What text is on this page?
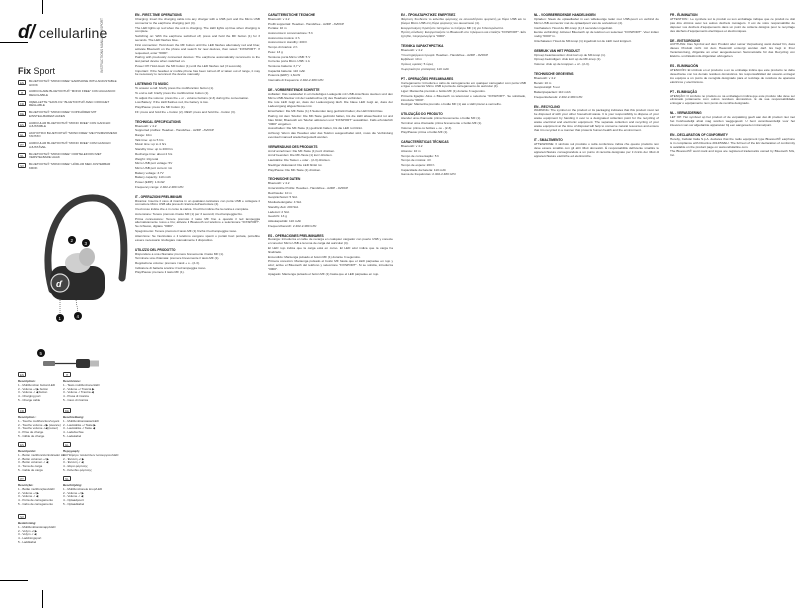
ɗ/ cellularline
INSTRUCTIONS MANUAL FIXSPORT
Fix Sport
EN	BLUETOOTH® "MONO FREE" EARPHONE WITH ADJUSTABLE HOOK
IT	AURICOLARE BLUETOOTH® "MONO FREE" CON AGGANCIO REGOLABILE
FR	OREILLETTE "SANS FIL" BLUETOOTH® AVEC CROCHET RÉGLABLE
DE	BLUETOOTH® "MONO FREE" KOPFHÖRER MIT EINSTELLBAREM HAKEN
ES	AURICULAR BLUETOOTH® "MONO FREE" CON GANCHO AJUSTABLE
EL	ΑΚΟΥΣΤΙΚΟ BLUETOOTH® "MONO FREE" ΜΕ ΡΥΘΜΙΖΟΜΕΝΟ ΓΑΝΤΖΟ
PT	AURICULAR BLUETOOTH® "MONO FREE" COM GANCHO AJUSTÁVEL
NL	BLUETOOTH® "MONO FREE" OORTELEFOON MET VERSTELBARE HAAK
SV	BLUETOOTH® "MONO FREE" HÖRLUR MED JUSTERBAR KROK
ɗ
2
3
1	4
5
EN
Description:
1 - Multifunction button/LED
2 - Volume +/ ▶ button
3 - Volume -/ ◀ button
4 - Charging port
5 - Charge cable
IT
Descrizione:
1 - Tasto multifunzione/LED
2 - Volume +/ Traccia ▶
3 - Volume -/ Traccia ◀
4 - Presa di ricarica
5 - Cavo di ricarica
FR
Description :
1 - Touche multifonction/voyant
2 - Touche volume +/▶ (avance)
3 - Touche volume -/◀ (retour)
4 - Prise de charge
5 - Câble de charge
DE
Beschreibung:
1 - Multifunktionstaste/LED
2 - Lautstärke +/ Taste ▶
3 - Lautstärke -/ Taste ◀
4 - Ladebuchse
5 - Ladekabel
ES
Descripción:
1 - Botón multifunción/indicador LED
2 - Botón volumen +/ ▶
3 - Botón volumen -/ ◀
4 - Toma de carga
5 - Cable de carga
EL
Περιγραφή:
1 - Πλήκτρο πολλαπλών λειτουργιών/LED
2 - Ένταση +/ ▶
3 - Ένταση -/ ◀
4 - Θύρα φόρτισης
5 - Καλώδιο φόρτισης
PT
Descrição:
1 - Botão multifunções/LED
2 - Volume +/ ▶
3 - Volume -/ ◀
4 - Porta de carregamento
5 - Cabo de carregamento
NL
Beschrijving:
1 - Multifunctionele knop/LED
2 - Volume +/ ▶
3 - Volume -/ ◀
4 - Oplaadpoort
5 - Oplaadkabel
SV
Beskrivning:
1 - Multifunktionsknapp/LED
2 - Volym +/ ▶
3 - Volym -/ ◀
4 - Laddningsport
5 - Laddkabel
EN - FIRST-TIME OPERATIONS

Charging: Insert the charging cable into any charger with a USB port and the Micro USB connector to the earphone charging port (4).

The LED lights up red when the unit is charging. The LED lights up blue when charging is complete.

Switching on: With the earphone switched off, press and hold the MF button (1) for 3 seconds. The LED flashes blue.

First connection: Hold down the MF button until the LED flashes alternately red and blue; activate Bluetooth on the phone and search for new devices, then select "FIXSPORT". If requested, enter "0000".

Pairing with previously connected devices: The earphone automatically reconnects to the last paired device when switched on.

Power Off: Hold down the MF button (1) until the LED flashes red (3 seconds).

Important: If the headset or mobile phone has been turned off or taken out of range, it may be necessary to reconnect the device manually.

LISTENING TO MUSIC

To answer a call: briefly press the multifunction button (1).

To end a call: briefly press the multifunction button (1).

To adjust the volume: press the + or - volume buttons (2-3) during the conversation.

Low Battery: If the LED flashes red, the battery is low.

Play/Pause: press the MF button (1).

FF: press and hold the + button (2). REW: press and hold the - button (3).

TECHNICAL SPECIFICATIONS

Bluetooth: v 4.2

Supported profiles: Headset - Handsfree - A2DP - AVRCP

Range: 10m

Talk time: up to 5 hrs

Music time: up to 4 hrs

Standby time: up to 200 hrs

Recharge time: about 2 hrs

Weight: 13g total

Micro USB port voltage: 5V

Micro USB port current: 1A

Battery voltage: 3.7V

Battery capacity: 110 mAh

Power (ERP): 1.6mW

Frequency range: 2.402-2.480 GHz

IT - OPERAZIONI PRELIMINARI

Ricarica: Inserire il cavo di ricarica in un qualsiasi caricatore con porta USB e collegare il connettore Micro USB alla presa di ricarica dell'auricolare (4).

Il led rosso indica che è in corso la carica. Il led blu indica che la carica è completa.

Accensione: Tenere premuto il tasto MF (1) per 3 secondi; il led lampeggia blu.

Prima connessione: Tenere premuto il tasto MF fino a quando il led lampeggia alternativamente rosso e blu; attivare il Bluetooth sul telefono e selezionare "FIXSPORT". Se richiesto, digitare "0000".

Spegnimento: Tenere premuto il tasto MF (1) finché il led lampeggia rosso.

Attenzione: Se l'auricolare o il telefono vengono spenti o portati fuori portata, potrebbe essere necessario ricollegare manualmente il dispositivo.

UTILIZZO DEL PRODOTTO

Rispondere a una chiamata: premere brevemente il tasto MF (1).

Terminare una chiamata: premere brevemente il tasto MF (1).

Regolazione volume: premere i tasti + o - (2-3).

Indicatore di batteria scarica: il led lampeggia rosso.

Play/Pausa: premere il tasto MF (1).

CARATTERISTICHE TECNICHE

Bluetooth: v 4.2

Profili supportati: Headset - Handsfree - A2DP - AVRCP

Portata: 10 m

Autonomia in conversazione: 5 h

Autonomia musica: 4 h

Autonomia in standby: 200 h

Tempo di ricarica: 2 h

Peso: 13 g

Tensione porta Micro USB: 5 V

Corrente porta Micro USB: 1 A

Tensione batteria: 3,7 V

Capacità batteria: 110 mAh

Potenza (ERP): 1,6mW

Intervallo di frequenza: 2.402-2.480 GHz

DE - VORBEREITENDE SCHRITTE

Aufladen: Das Ladekabel in ein beliebiges Ladegerät mit USB-Anschluss stecken und den Micro-USB-Stecker mit der Ladebuchse (4) des Headsets verbinden.

Die rote LED zeigt an, dass der Ladevorgang läuft. Die blaue LED zeigt an, dass der Ladevorgang abgeschlossen ist.

Einschalten: Die MF-Taste (1) 3 Sekunden lang gedrückt halten; die LED blinkt blau.

Pairing mit dem Telefon: Die MF-Taste gedrückt halten, bis die LED abwechselnd rot und blau blinkt; Bluetooth am Telefon aktivieren und "FIXSPORT" auswählen. Falls erforderlich "0000" eingeben.

Ausschalten: Die MF-Taste (1) gedrückt halten, bis die LED rot blinkt.

Achtung: Wenn das Headset oder das Telefon ausgeschaltet wird, muss die Verbindung eventuell manuell wiederhergestellt werden.

VERWENDUNG DES PRODUKTS

Anruf annehmen: Die MF-Taste (1) kurz drücken.

Anruf beenden: Die MF-Taste (1) kurz drücken.

Lautstärke: Die Tasten + oder - (2-3) drücken.

Niedriger Akkustand: Die LED blinkt rot.

Play/Pause: Die MF-Taste (1) drücken.

TECHNISCHE DATEN

Bluetooth: v 4.2

Unterstützte Profile: Headset - Handsfree - A2DP - AVRCP

Reichweite: 10 m

Gesprächszeit: 5 Std.

Musikwiedergabe: 4 Std.

Standby-Zeit: 200 Std.

Ladezeit: 2 Std.

Gewicht: 13 g

Akkukapazität: 110 mAh

Frequenzbereich: 2.402-2.480 GHz

ES - OPERACIONES PRELIMINARES

Recarga: Introduzca el cable de recarga en cualquier cargador con puerto USB y conecte el conector Micro USB a la toma de carga del auricular (4).

El LED rojo indica que la carga está en curso. El LED azul indica que la carga ha finalizado.

Encendido: Mantenga pulsado el botón MF (1) durante 3 segundos.

Primera conexión: Mantenga pulsado el botón MF hasta que el LED parpadee en rojo y azul; active el Bluetooth del teléfono y seleccione "FIXSPORT". Si se solicita, introduzca "0000".

Apagado: Mantenga pulsado el botón MF (1) hasta que el LED parpadee en rojo.

ΕΛ - ΠΡΟΚΑΤΑΡΚΤΙΚΕΣ ΕΝΕΡΓΕΙΕΣ

Φόρτιση: Συνδέστε το καλώδιο φόρτισης σε οποιονδήποτε φορτιστή με θύρα USB και το βύσμα Micro USB στη θύρα φόρτισης του ακουστικού (4).

Ενεργοποίηση: Κρατήστε πατημένο το πλήκτρο MF (1) για 3 δευτερόλεπτα.

Πρώτη σύνδεση: Ενεργοποιήστε το Bluetooth στο τηλέφωνο και επιλέξτε "FIXSPORT". Εάν ζητηθεί, πληκτρολογήστε "0000".

ΤΕΧΝΙΚΑ ΧΑΡΑΚΤΗΡΙΣΤΙΚΑ

Bluetooth: v 4.2

Υποστηριζόμενα προφίλ: Headset - Handsfree - A2DP - AVRCP

Εμβέλεια: 10 m

Χρόνος ομιλίας: 5 ώρες

Χωρητικότητα μπαταρίας: 110 mAh

PT - OPERAÇÕES PRELIMINARES

Carregamento: Introduza o cabo de carregamento em qualquer carregador com porta USB e ligue o conector Micro USB à porta de carregamento do auricular (4).

Ligar: Mantenha premido o botão MF (1) durante 3 segundos.

Primeira ligação: Ative o Bluetooth no telemóvel e selecione "FIXSPORT". Se solicitado, introduza "0000".

Desligar: Mantenha premido o botão MF (1) até o LED piscar a vermelho.

UTILIZAÇÃO DO PRODUTO

Atender uma chamada: prima brevemente o botão MF (1).

Terminar uma chamada: prima brevemente o botão MF (1).

Volume: prima os botões + ou - (2-3).

Play/Pausa: prima o botão MF (1).

CARACTERÍSTICAS TÉCNICAS

Bluetooth: v 4.2

Alcance: 10 m

Tempo de conversação: 5 h

Tempo de música: 4 h

Tempo de espera: 200 h

Capacidade da bateria: 110 mAh

Gama de frequências: 2.402-2.480 GHz

NL - VOORBEREIDENDE HANDELINGEN

Opladen: Steek de oplaadkabel in een willekeurige lader met USB-poort en verbind de Micro USB-connector met de oplaadpoort van de oortelefoon (4).

Inschakelen: Houd de MF-knop (1) 3 seconden ingedrukt.

Eerste verbinding: Activeer Bluetooth op de telefoon en selecteer "FIXSPORT". Voer indien nodig "0000" in.

Uitschakelen: Houd de MF-knop (1) ingedrukt tot de LED rood knippert.

GEBRUIK VAN HET PRODUCT

Oproep beantwoorden: druk kort op de MF-knop (1).

Oproep beëindigen: druk kort op de MF-knop (1).

Volume: druk op de knoppen + of - (2-3).

TECHNISCHE GEGEVENS

Bluetooth: v 4.2

Bereik: 10 m

Gesprekstijd: 5 uur

Batterijcapaciteit: 110 mAh

Frequentiebereik: 2.402-2.480 GHz

EN - RECYCLING

WARNING: The symbol on the product or its packaging indicates that this product must not be disposed of with your other household waste. It is your responsibility to dispose of your waste equipment by handing it over to a designated collection point for the recycling of waste electrical and electronic equipment. The separate collection and recycling of your waste equipment at the time of disposal will help to conserve natural resources and ensure that it is recycled in a manner that protects human health and the environment.

IT - SMALTIMENTO

ATTENZIONE: Il simbolo sul prodotto o sulla confezione indica che questo prodotto non deve essere smaltito con gli altri rifiuti domestici. È responsabilità dell'utente smaltire le apparecchiature consegnandole a un punto di raccolta designato per il riciclo dei rifiuti di apparecchiature elettriche ed elettroniche.

FR - ÉLIMINATION

ATTENTION : Le symbole sur le produit ou son emballage indique que ce produit ne doit pas être éliminé avec les autres déchets ménagers. Il est de votre responsabilité de déposer vos déchets d'équipements dans un point de collecte désigné pour le recyclage des déchets d'équipements électriques et électroniques.

DE - ENTSORGUNG

ACHTUNG: Das Symbol auf dem Produkt oder seiner Verpackung weist darauf hin, dass dieses Produkt nicht mit dem Hausmüll entsorgt werden darf. Es liegt in Ihrer Verantwortung, Altgeräte an einer ausgewiesenen Sammelstelle für das Recycling von Elektro- und Elektronik-Altgeräten abzugeben.

ES - ELIMINACIÓN

ATENCIÓN: El símbolo en el producto o en su embalaje indica que este producto no debe desecharse con los demás residuos domésticos. Es responsabilidad del usuario entregar los equipos a un punto de recogida designado para el reciclaje de residuos de aparatos eléctricos y electrónicos.

PT - ELIMINAÇÃO

ATENÇÃO: O símbolo no produto ou na embalagem indica que este produto não deve ser eliminado juntamente com outros resíduos domésticos. É da sua responsabilidade entregar o equipamento num ponto de recolha designado.

NL - VERWIJDERING

LET OP: Het symbool op het product of de verpakking geeft aan dat dit product niet met het huishoudelijk afval mag worden weggegooid. U bent verantwoordelijk voor het inleveren van uw afgedankte apparatuur bij een aangewezen inzamelpunt.

EN - DECLARATION OF CONFORMITY

Hereby, Cellular Italia S.p.A. declares that the radio equipment type Bluetooth® earphone is in compliance with Directive 2014/53/EU. The full text of the EU declaration of conformity is available on the product page on www.cellularline.com.

The Bluetooth® word mark and logos are registered trademarks owned by Bluetooth SIG, Inc.
